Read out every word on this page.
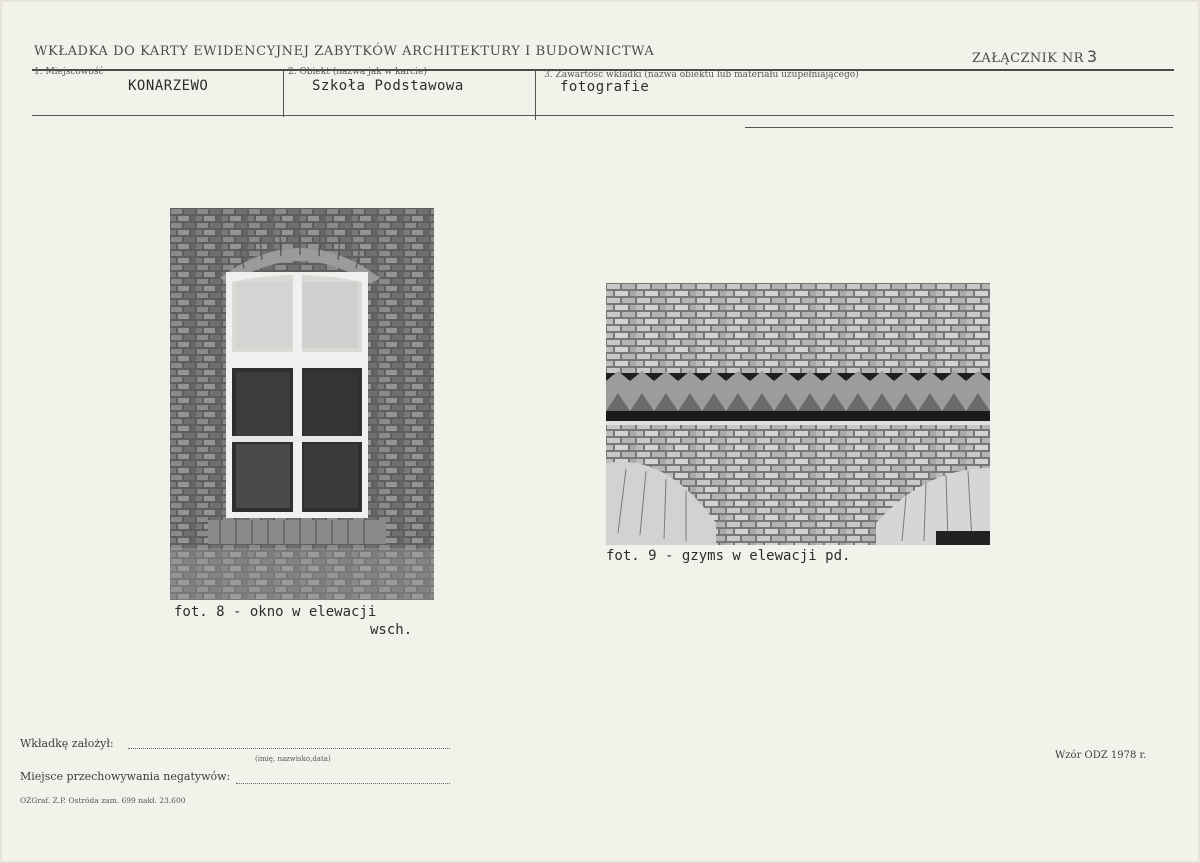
WKŁADKA DO KARTY EWIDENCYJNEJ ZABYTKÓW ARCHITEKTURY I BUDOWNICTWA	ZAŁĄCZNIK NR 3
1. Miejscowość
KONARZEWO
2. Obiekt (nazwa jak w karcie)
Szkoła Podstawowa
3. Zawartość wkładki (nazwa obiektu lub materiału uzupełniającego)
fotografie
fot. 8 - okno w elewacji
wsch.
fot. 9 - gzyms w elewacji pd.
Wkładkę założył:
(imię, nazwisko,data)
Miejsce przechowywania negatywów:
OZGraf. Z.P. Ostróda zam. 699 nakł. 23.600
Wzór ODZ 1978 r.
